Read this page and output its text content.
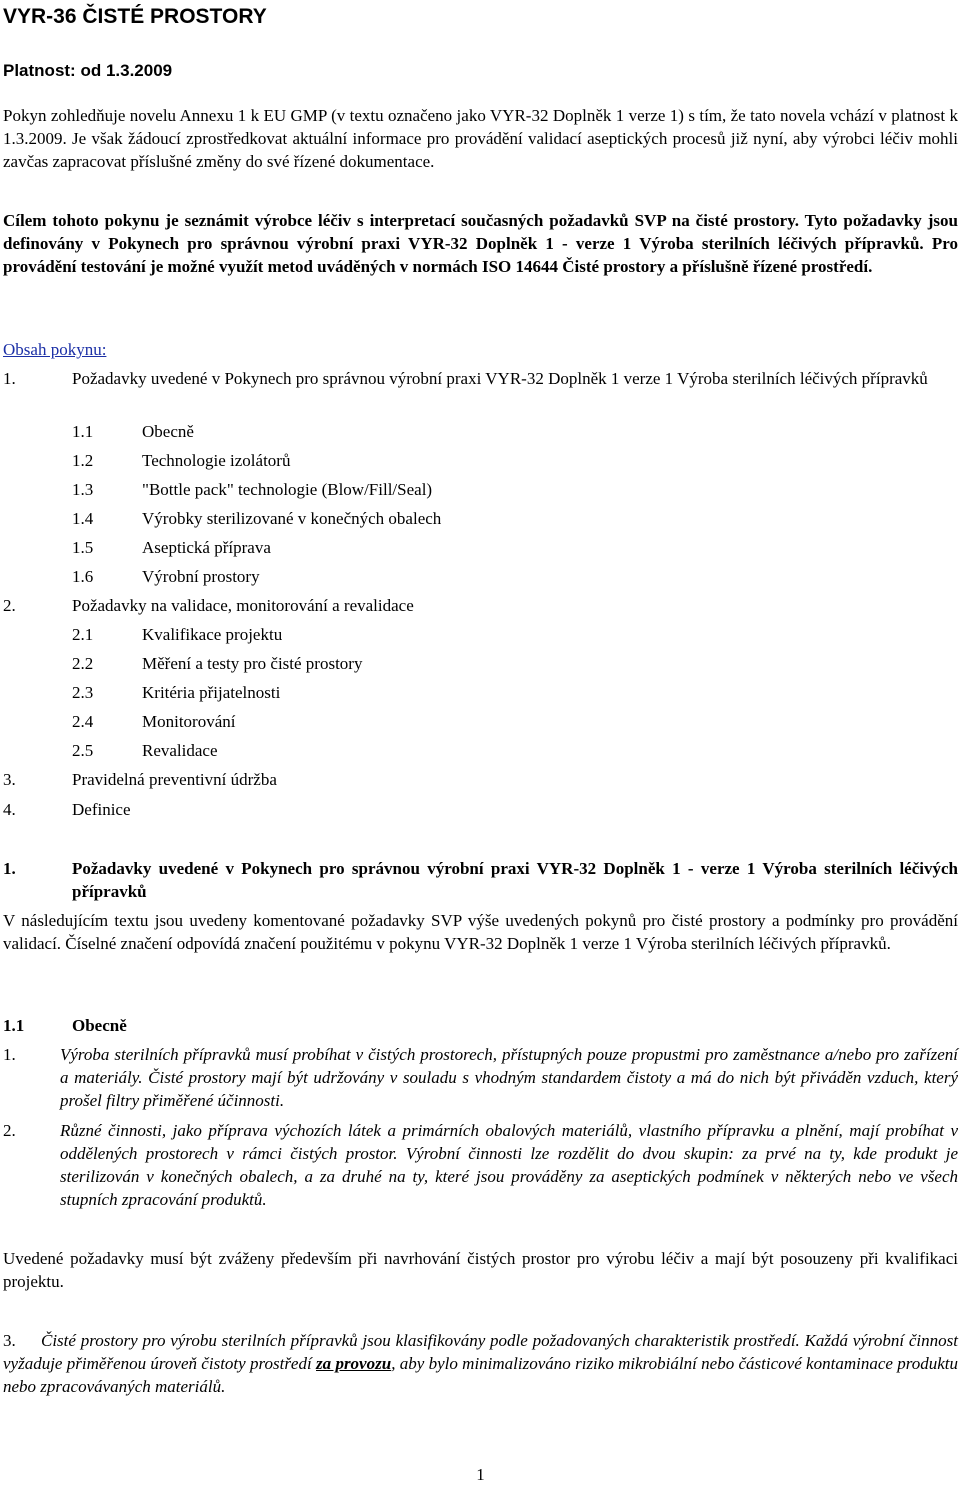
VYR-36 ČISTÉ PROSTORY
Platnost: od 1.3.2009
Pokyn zohledňuje novelu Annexu 1 k EU GMP (v textu označeno jako VYR-32 Doplněk 1 verze 1) s tím, že tato novela vchází v platnost k 1.3.2009. Je však žádoucí zprostředkovat aktuální informace pro provádění validací aseptických procesů již nyní, aby výrobci léčiv mohli zavčas zapracovat příslušné změny do své řízené dokumentace.
Cílem tohoto pokynu je seznámit výrobce léčiv s interpretací současných požadavků SVP na čisté prostory. Tyto požadavky jsou definovány v Pokynech pro správnou výrobní praxi VYR-32 Doplněk 1 - verze 1 Výroba sterilních léčivých přípravků. Pro provádění testování je možné využít metod uváděných v normách ISO 14644 Čisté prostory a příslušně řízené prostředí.
Obsah pokynu:
1.	Požadavky uvedené v Pokynech pro správnou výrobní praxi VYR-32 Doplněk 1 verze 1 Výroba sterilních léčivých přípravků
1.1	Obecně
1.2	Technologie izolátorů
1.3	"Bottle pack" technologie (Blow/Fill/Seal)
1.4	Výrobky sterilizované v konečných obalech
1.5	Aseptická příprava
1.6	Výrobní prostory
2.	Požadavky na validace, monitorování a revalidace
2.1	Kvalifikace projektu
2.2	Měření a testy pro čisté prostory
2.3	Kritéria přijatelnosti
2.4	Monitorování
2.5	Revalidace
3.	Pravidelná preventivní údržba
4.	Definice
1.	Požadavky uvedené v Pokynech pro správnou výrobní praxi VYR-32 Doplněk 1 - verze 1 Výroba sterilních léčivých přípravků
V následujícím textu jsou uvedeny komentované požadavky SVP výše uvedených pokynů pro čisté prostory a podmínky pro provádění validací. Číselné značení odpovídá značení použitému v pokynu VYR-32 Doplněk 1 verze 1 Výroba sterilních léčivých přípravků.
1.1	Obecně
1.	Výroba sterilních přípravků musí probíhat v čistých prostorech, přístupných pouze propustmi pro zaměstnance a/nebo pro zařízení a materiály. Čisté prostory mají být udržovány v souladu s vhodným standardem čistoty a má do nich být přiváděn vzduch, který prošel filtry přiměřené účinnosti.
2.	Různé činnosti, jako příprava výchozích látek a primárních obalových materiálů, vlastního přípravku a plnění, mají probíhat v oddělených prostorech v rámci čistých prostor. Výrobní činnosti lze rozdělit do dvou skupin: za prvé na ty, kde produkt je sterilizován v konečných obalech, a za druhé na ty, které jsou prováděny za aseptických podmínek v některých nebo ve všech stupních zpracování produktů.
Uvedené požadavky musí být zváženy především při navrhování čistých prostor pro výrobu léčiv a mají být posouzeny při kvalifikaci projektu.
3.	Čisté prostory pro výrobu sterilních přípravků jsou klasifikovány podle požadovaných charakteristik prostředí. Každá výrobní činnost vyžaduje přiměřenou úroveň čistoty prostředí za provozu, aby bylo minimalizováno riziko mikrobiální nebo částicové kontaminace produktu nebo zpracovávaných materiálů.
1
